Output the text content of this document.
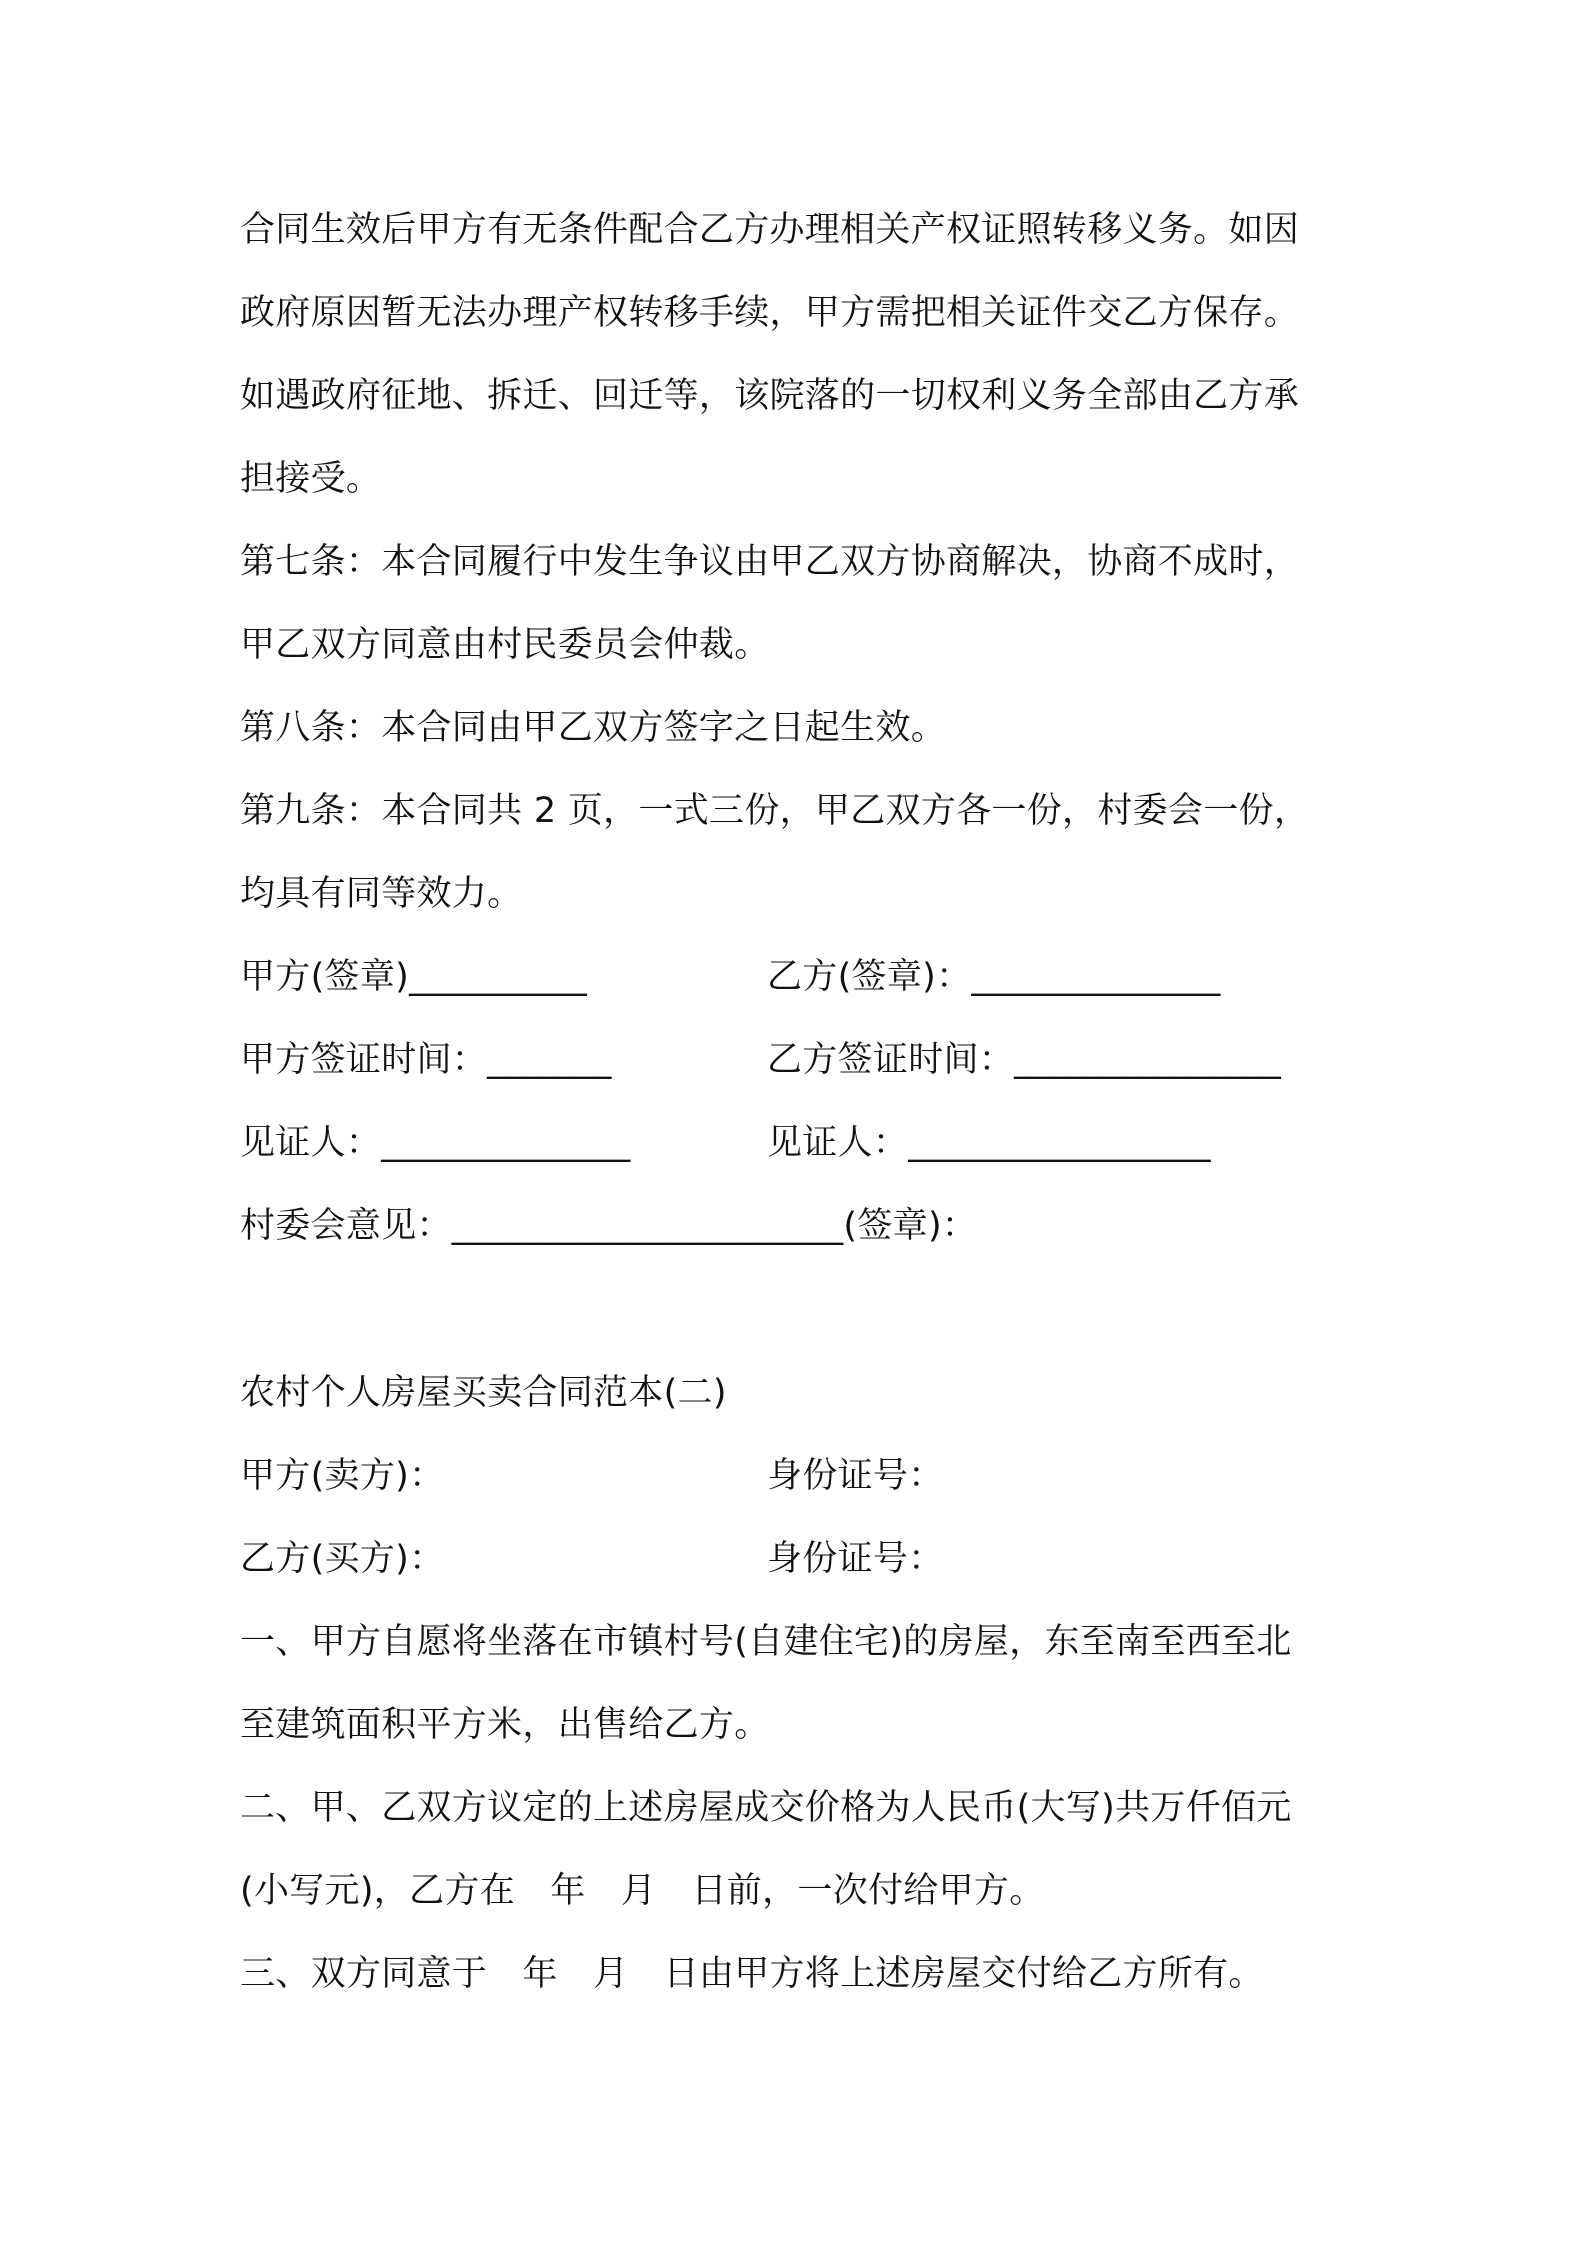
合同生效后甲方有无条件配合乙方办理相关产权证照转移义务。如因
政府原因暂无法办理产权转移手续，甲方需把相关证件交乙方保存。
如遇政府征地、拆迁、回迁等，该院落的一切权利义务全部由乙方承
担接受。
第七条：本合同履行中发生争议由甲乙双方协商解决，协商不成时，
甲乙双方同意由村民委员会仲裁。
第八条：本合同由甲乙双方签字之日起生效。
第九条：本合同共 2 页，一式三份，甲乙双方各一份，村委会一份，
均具有同等效力。
甲方(签章)__________	乙方(签章)：______________
甲方签证时间：_______	乙方签证时间：_______________
见证人：______________	见证人：_________________
村委会意见：______________________(签章)：
农村个人房屋买卖合同范本(二)
甲方(卖方)：	身份证号：
乙方(买方)：	身份证号：
一、甲方自愿将坐落在市镇村号(自建住宅)的房屋，东至南至西至北
至建筑面积平方米，出售给乙方。
二、甲、乙双方议定的上述房屋成交价格为人民币(大写)共万仟佰元
(小写元)，乙方在　年　月　日前，一次付给甲方。
三、双方同意于　年　月　日由甲方将上述房屋交付给乙方所有。
